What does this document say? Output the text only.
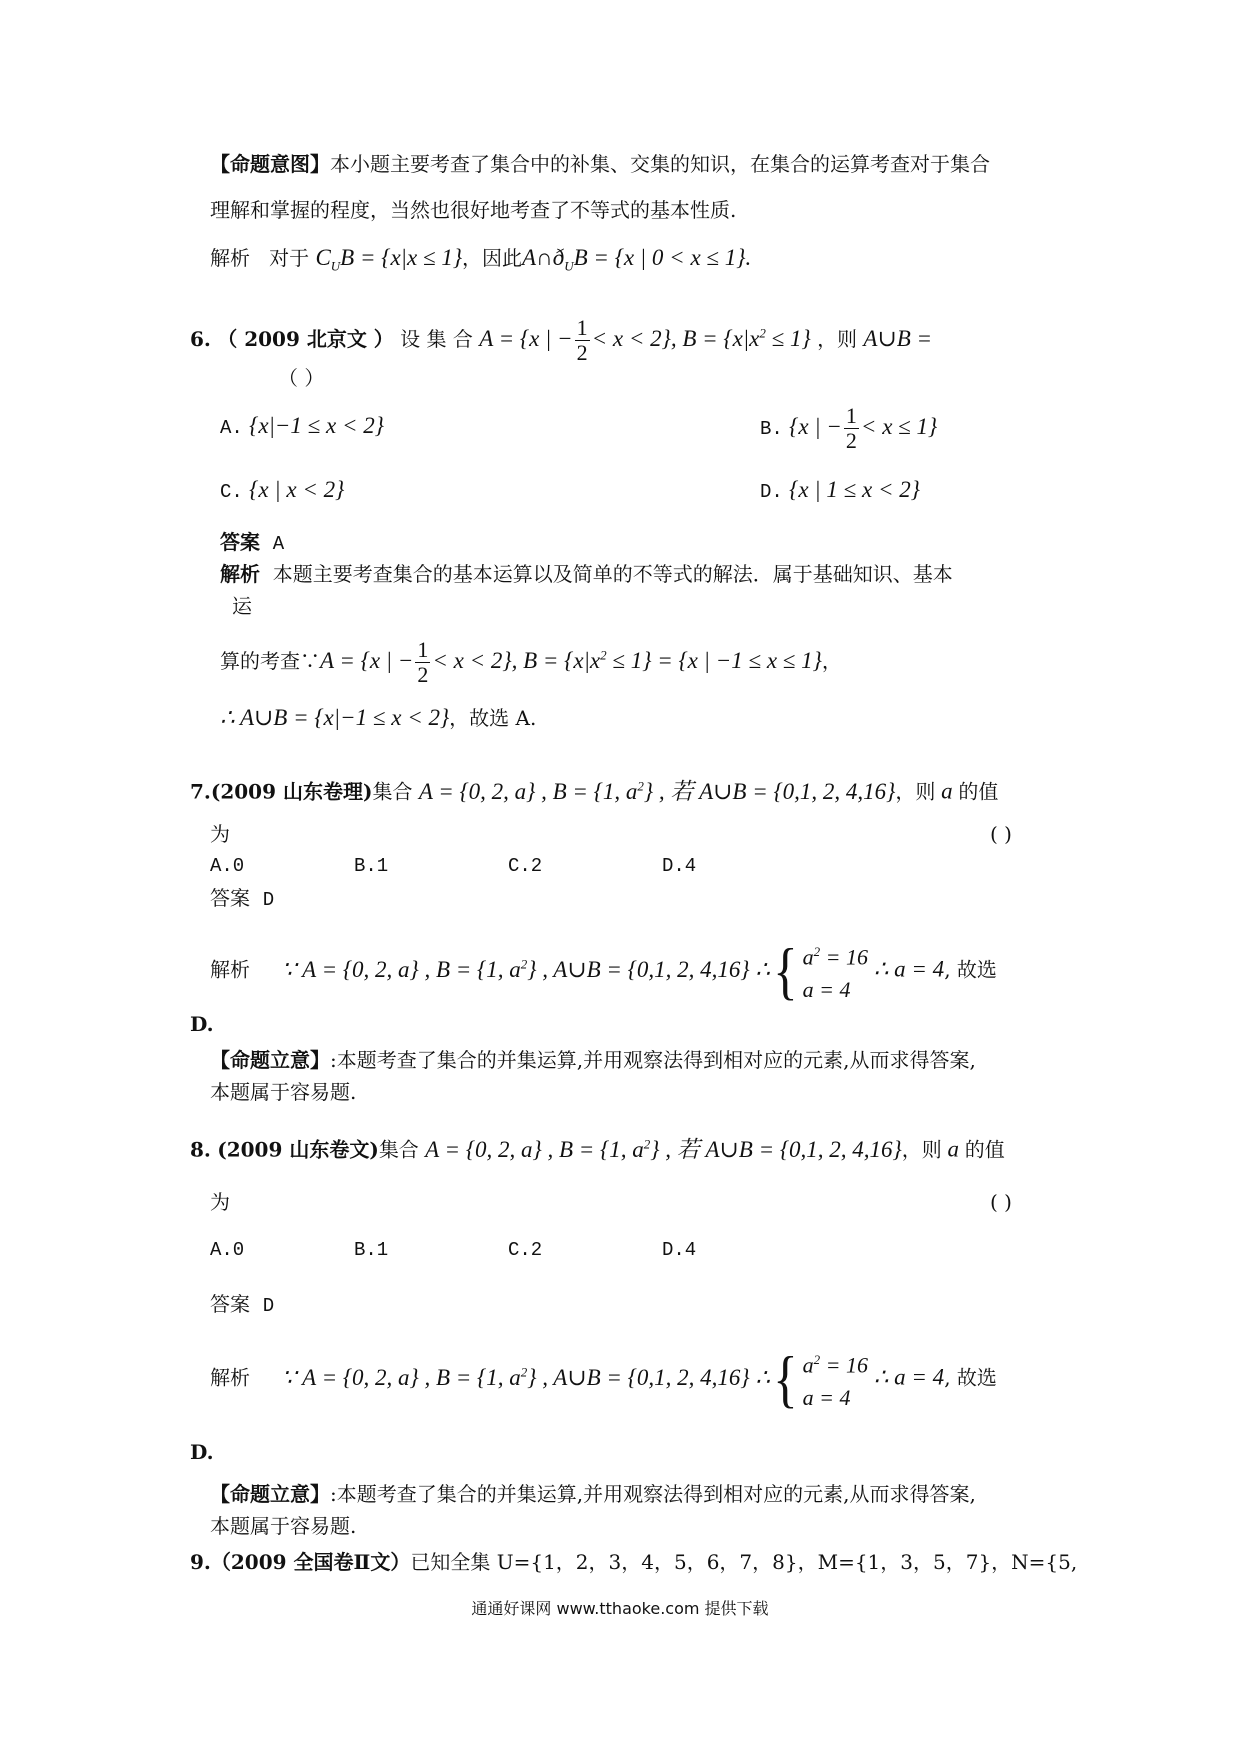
【命题意图】本小题主要考查了集合中的补集、交集的知识，在集合的运算考查对于集合
理解和掌握的程度，当然也很好地考查了不等式的基本性质.
解析 对于 $C_UB = \{x|x \le 1\}$，因此$A\cap ð_UB = \{x$ | 0 < x ≤ 1}.
6. （ 2009 北京文 ） 设 集 合 A = {x | − $\frac{1}{2} < x < 2$}, $B = \{x|x^2 \le 1\}$ ，则 A∪B =
（ ）
A. {x|−1 ≤ x < 2}	B. {x | − $\frac{1}{2} < x \le 1$}
C. {x | x < 2}	D. {x | 1 ≤ x < 2}
答案 A
解析 本题主要考查集合的基本运算以及简单的不等式的解法．属于基础知识、基本
运
算的考查∵A = {x | − $\frac{1}{2} < x < 2$}, $B = \{x|x^2 \le 1\} = \{x$ | −1 ≤ x ≤ 1}，
∴ A∪B = {x|−1 ≤ x < 2}，故选 A.
7.(2009 山东卷理)集合 A = {0, 2, a} , B = {1, $a^2$} , 若 A∪B = {0,1, 2, 4,16}，则 a 的值
为	( )
A.0	B.1	C.2	D.4
答案 D
解析 ∵ A = {0, 2, a} , B = {1, $a^2$} , A∪B = {0,1, 2, 4,16} ∴{ $a^2 = 16$
a = 4
∴ a = 4, 故选
D.
【命题立意】:本题考查了集合的并集运算,并用观察法得到相对应的元素,从而求得答案,
本题属于容易题.
8. (2009 山东卷文)集合 A = {0, 2, a} , B = {1, $a^2$} , 若 A∪B = {0,1, 2, 4,16}，则 a 的值
为	( )
A.0	B.1	C.2	D.4
答案 D
解析 ∵ A = {0, 2, a} , B = {1, $a^2$} , A∪B = {0,1, 2, 4,16} ∴{ $a^2 = 16$
a = 4
∴ a = 4, 故选
D.
【命题立意】:本题考查了集合的并集运算,并用观察法得到相对应的元素,从而求得答案,
本题属于容易题.
9.（2009 全国卷Ⅱ文）已知全集 U={1，2，3，4，5，6，7，8}，M={1，3，5，7}，N={5,
通通好课网 www.tthaoke.com 提供下载
